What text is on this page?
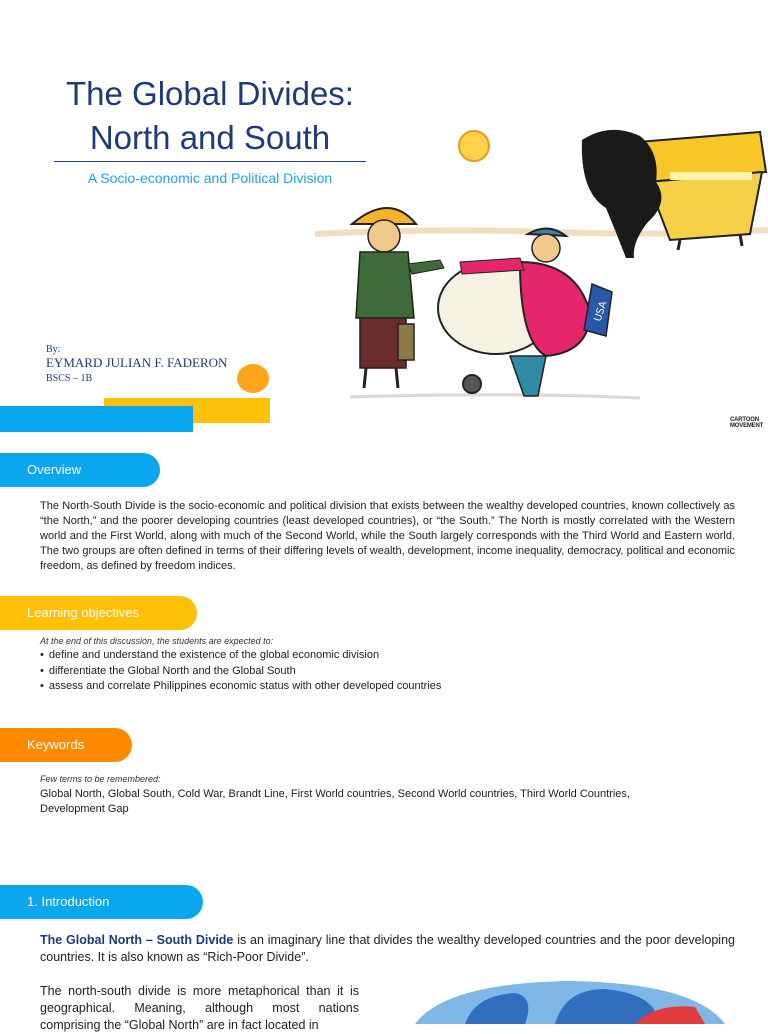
The Global Divides:
North and South
A Socio-economic and Political Division
By:
EYMARD JULIAN F. FADERON
BSCS – 1B
USA
CARTOON
MOVEMENT
Overview
The North-South Divide is the socio-economic and political division that exists between the wealthy developed countries, known collectively as “the North,” and the poorer developing countries (least developed countries), or “the South.” The North is mostly correlated with the Western world and the First World, along with much of the Second World, while the South largely corresponds with the Third World and Eastern world. The two groups are often defined in terms of their differing levels of wealth, development, income inequality, democracy, political and economic freedom, as defined by freedom indices.
Learning objectives
At the end of this discussion, the students are expected to:
• define and understand the existence of the global economic division
• differentiate the Global North and the Global South
• assess and correlate Philippines economic status with other developed countries
Keywords
Few terms to be remembered:
Global North, Global South, Cold War, Brandt Line, First World countries, Second World countries, Third World Countries, Development Gap
1. Introduction
The Global North – South Divide is an imaginary line that divides the wealthy developed countries and the poor developing countries. It is also known as “Rich-Poor Divide”.
The north-south divide is more metaphorical than it is geographical. Meaning, although most nations comprising the “Global North” are in fact located in
